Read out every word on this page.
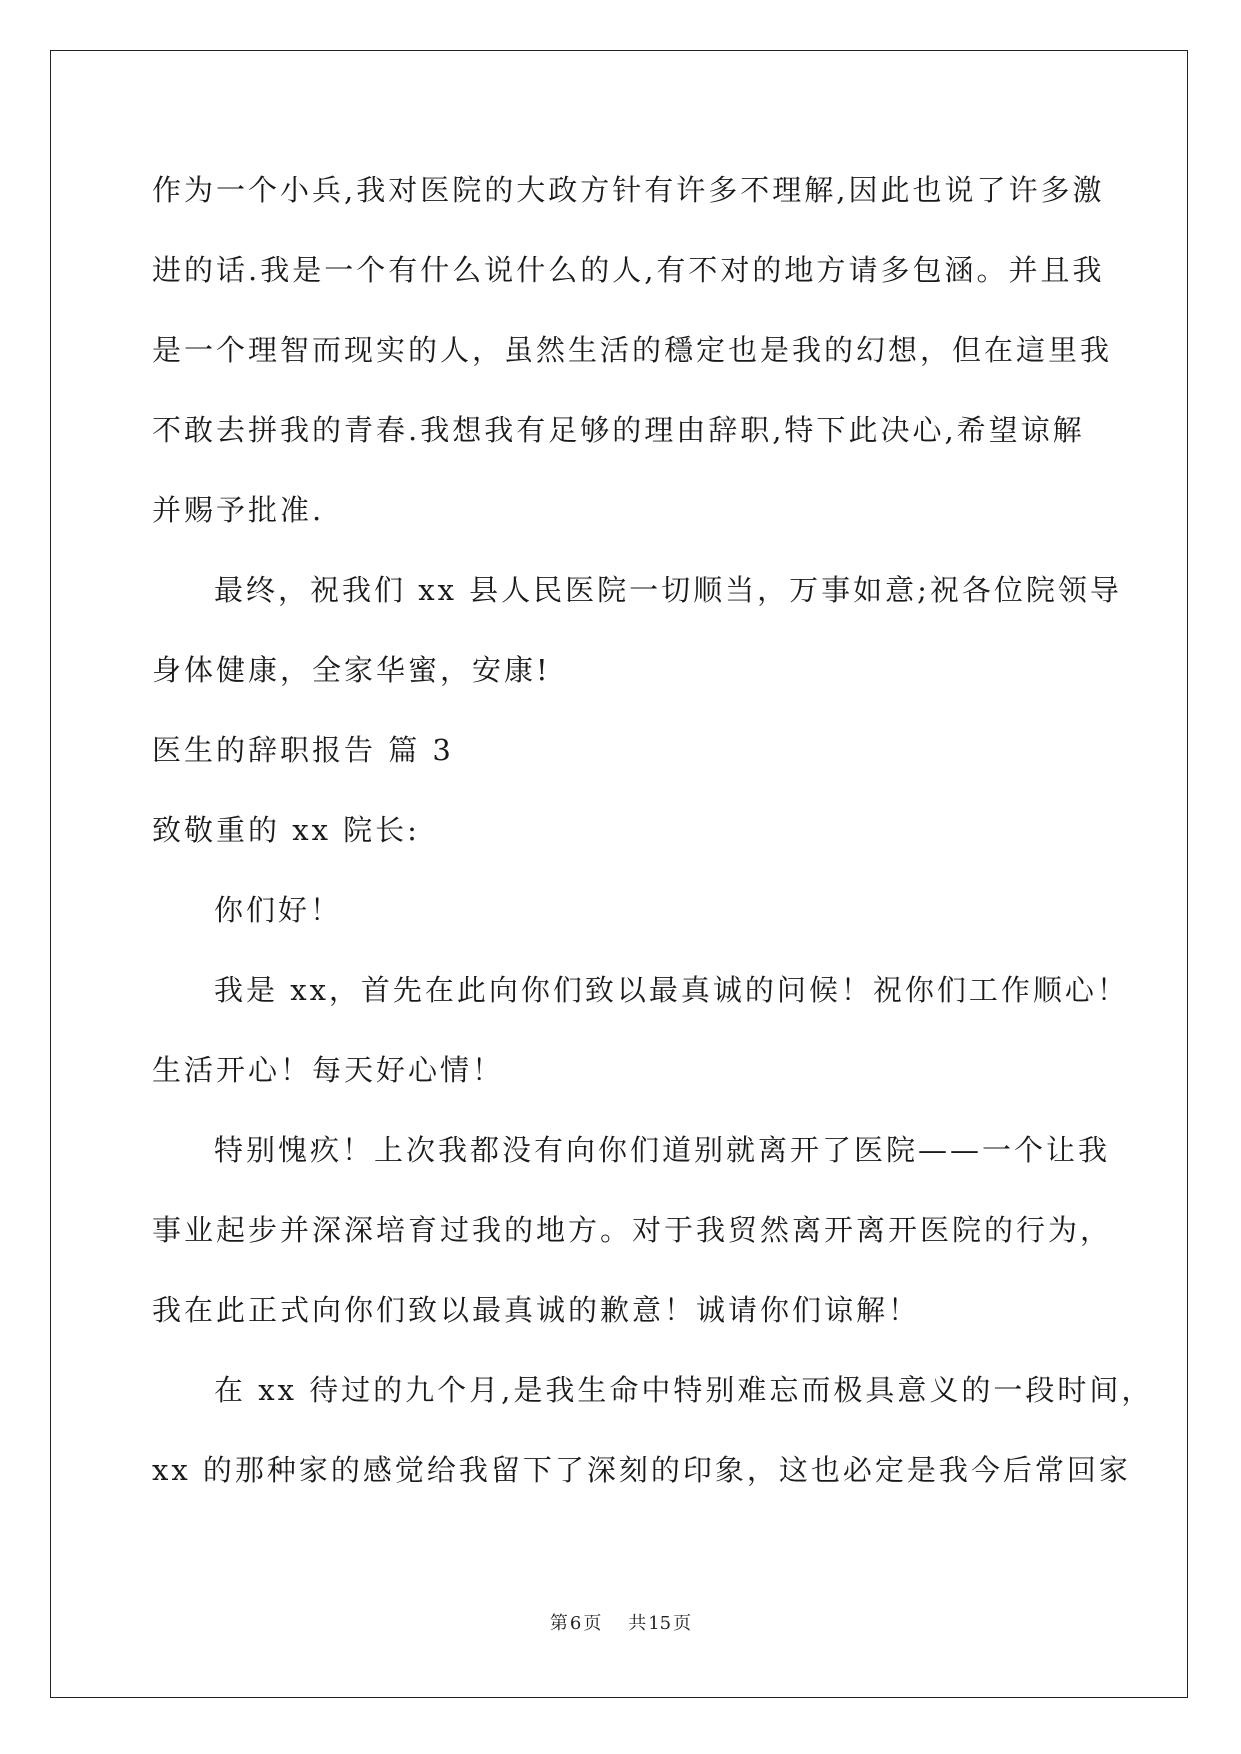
作为一个小兵,我对医院的大政方针有许多不理解,因此也说了许多激
进的话.我是一个有什么说什么的人,有不对的地方请多包涵。并且我
是一个理智而现实的人，虽然生活的穩定也是我的幻想，但在這里我
不敢去拼我的青春.我想我有足够的理由辞职,特下此决心,希望谅解
并赐予批准.
最终，祝我们 xx 县人民医院一切顺当，万事如意;祝各位院领导
身体健康，全家华蜜，安康!
医生的辞职报告 篇 3
致敬重的 xx 院长:
你们好！
我是 xx，首先在此向你们致以最真诚的问候！祝你们工作顺心！
生活开心！每天好心情！
特别愧疚！上次我都没有向你们道别就离开了医院——一个让我
事业起步并深深培育过我的地方。对于我贸然离开离开医院的行为，
我在此正式向你们致以最真诚的歉意！诚请你们谅解！
在 xx 待过的九个月,是我生命中特别难忘而极具意义的一段时间，
xx 的那种家的感觉给我留下了深刻的印象，这也必定是我今后常回家
第 6 页 共 15 页
